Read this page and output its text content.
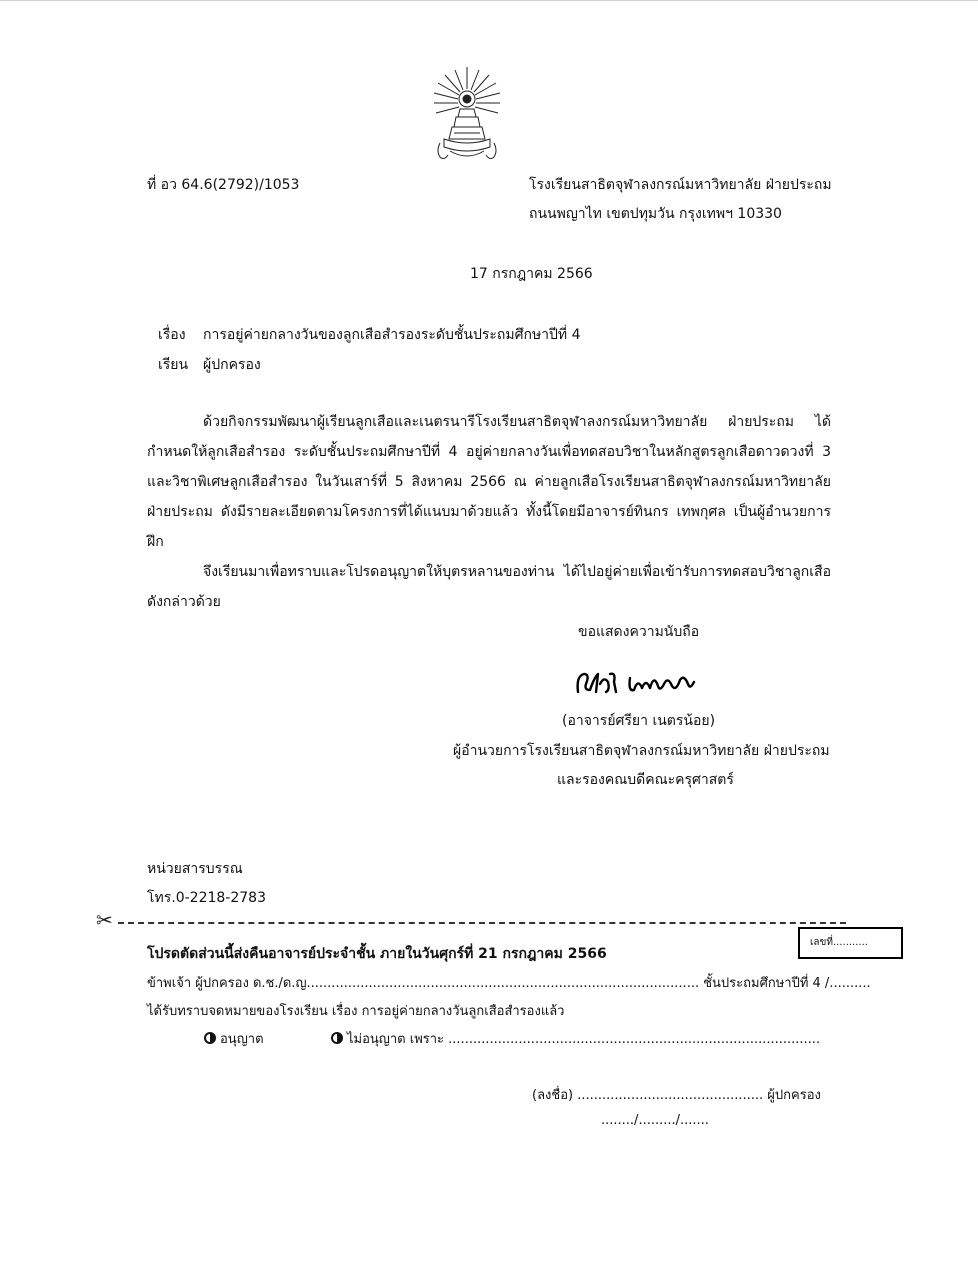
ที่ อว 64.6(2792)/1053	โรงเรียนสาธิตจุฬาลงกรณ์มหาวิทยาลัย ฝ่ายประถม
ถนนพญาไท เขตปทุมวัน กรุงเทพฯ 10330
17 กรกฎาคม 2566
เรื่อง การอยู่ค่ายกลางวันของลูกเสือสำรองระดับชั้นประถมศึกษาปีที่ 4
เรียน ผู้ปกครอง

ด้วยกิจกรรมพัฒนาผู้เรียนลูกเสือและเนตรนารีโรงเรียนสาธิตจุฬาลงกรณ์มหาวิทยาลัย ฝ่ายประถม ได้กำหนดให้ลูกเสือสำรอง ระดับชั้นประถมศึกษาปีที่ 4 อยู่ค่ายกลางวันเพื่อทดสอบวิชาในหลักสูตรลูกเสือดาวดวงที่ 3 และวิชาพิเศษลูกเสือสำรอง ในวันเสาร์ที่ 5 สิงหาคม 2566 ณ ค่ายลูกเสือโรงเรียนสาธิตจุฬาลงกรณ์มหาวิทยาลัย ฝ่ายประถม ดังมีรายละเอียดตามโครงการที่ได้แนบมาด้วยแล้ว ทั้งนี้โดยมีอาจารย์ทินกร เทพกุศล เป็นผู้อำนวยการฝึก

จึงเรียนมาเพื่อทราบและโปรดอนุญาตให้บุตรหลานของท่าน ได้ไปอยู่ค่ายเพื่อเข้ารับการทดสอบวิชาลูกเสือดังกล่าวด้วย

ขอแสดงความนับถือ
(อาจารย์ศรียา เนตรน้อย)
ผู้อำนวยการโรงเรียนสาธิตจุฬาลงกรณ์มหาวิทยาลัย ฝ่ายประถม
และรองคณบดีคณะครุศาสตร์
หน่วยสารบรรณ
โทร.0-2218-2783
✂
เลขที่...........
โปรดตัดส่วนนี้ส่งคืนอาจารย์ประจำชั้น ภายในวันศุกร์ที่ 21 กรกฎาคม 2566
ข้าพเจ้า ผู้ปกครอง ด.ช./ด.ญ............................................................................................... ชั้นประถมศึกษาปีที่ 4 /..........
ได้รับทราบจดหมายของโรงเรียน เรื่อง การอยู่ค่ายกลางวันลูกเสือสำรองแล้ว
อนุญาต	ไม่อนุญาต เพราะ ..........................................................................................
(ลงชื่อ) ............................................. ผู้ปกครอง
......../........./.......
